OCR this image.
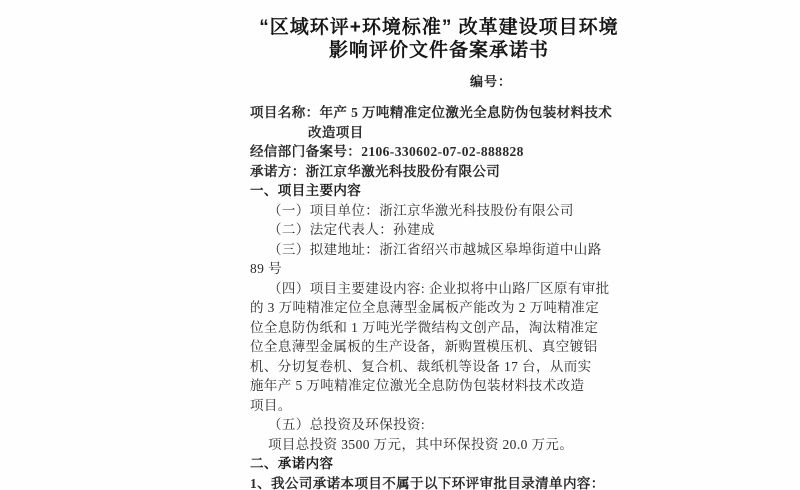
“区域环评+环境标准” 改革建设项目环境
影响评价文件备案承诺书
编号：
项目名称：年产 5 万吨精准定位激光全息防伪包装材料技术
改造项目
经信部门备案号：2106-330602-07-02-888828
承诺方：浙江京华激光科技股份有限公司
一、项目主要内容
（一）项目单位：浙江京华激光科技股份有限公司
（二）法定代表人：孙建成
（三）拟建地址：浙江省绍兴市越城区皋埠街道中山路
89 号
（四）项目主要建设内容: 企业拟将中山路厂区原有审批
的 3 万吨精准定位全息薄型金属板产能改为 2 万吨精准定
位全息防伪纸和 1 万吨光学微结构文创产品，淘汰精准定
位全息薄型金属板的生产设备，新购置模压机、真空镀铝
机、分切复卷机、复合机、裁纸机等设备 17 台，从而实
施年产 5 万吨精准定位激光全息防伪包装材料技术改造
项目。
（五）总投资及环保投资:
项目总投资 3500 万元，其中环保投资 20.0 万元。
二、承诺内容
1、我公司承诺本项目不属于以下环评审批目录清单内容：
